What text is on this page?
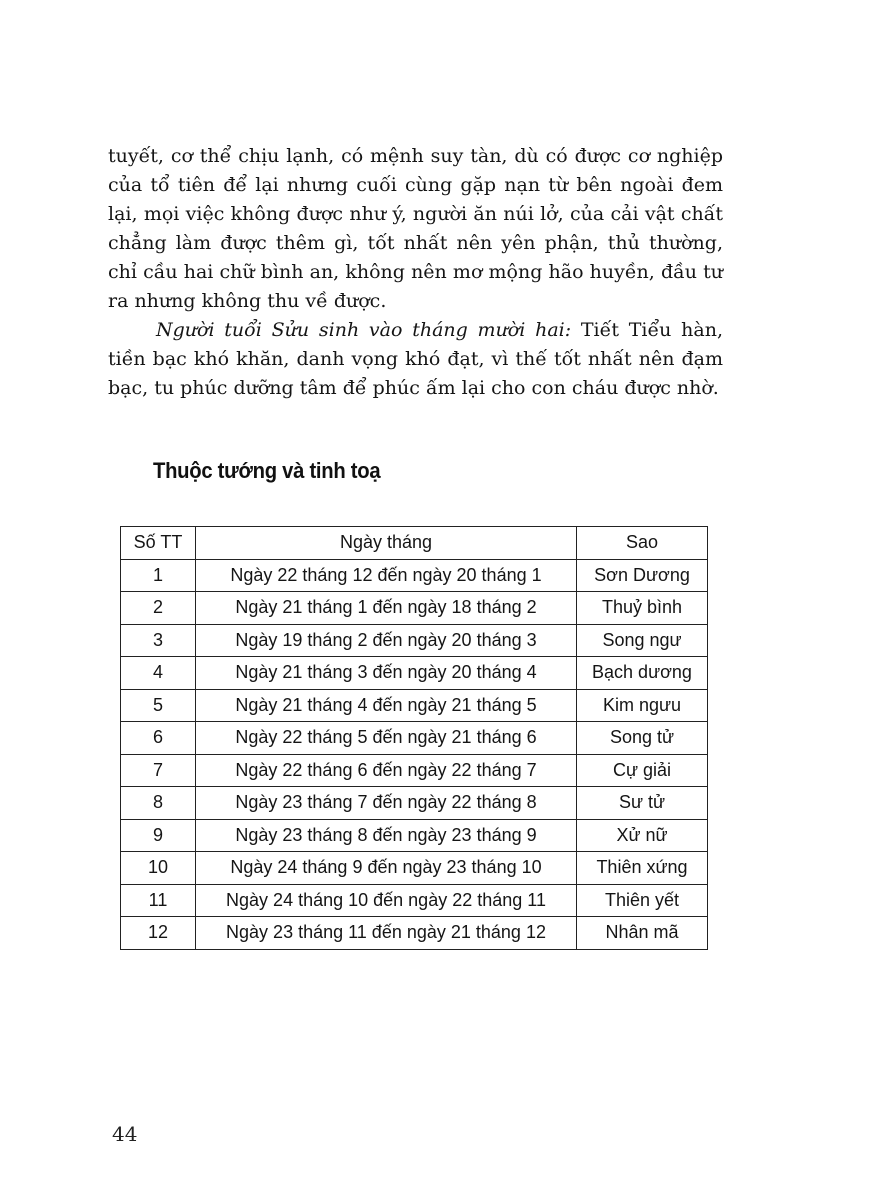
tuyết, cơ thể chịu lạnh, có mệnh suy tàn, dù có được cơ nghiệp của tổ tiên để lại nhưng cuối cùng gặp nạn từ bên ngoài đem lại, mọi việc không được như ý, người ăn núi lở, của cải vật chất chẳng làm được thêm gì, tốt nhất nên yên phận, thủ thường, chỉ cầu hai chữ bình an, không nên mơ mộng hão huyền, đầu tư ra nhưng không thu về được.

Người tuổi Sửu sinh vào tháng mười hai: Tiết Tiểu hàn, tiền bạc khó khăn, danh vọng khó đạt, vì thế tốt nhất nên đạm bạc, tu phúc dưỡng tâm để phúc ấm lại cho con cháu được nhờ.

Thuộc tướng và tinh toạ
Số TT	Ngày tháng	Sao
1	Ngày 22 tháng 12 đến ngày 20 tháng 1	Sơn Dương
2	Ngày 21 tháng 1 đến ngày 18 tháng 2	Thuỷ bình
3	Ngày 19 tháng 2 đến ngày 20 tháng 3	Song ngư
4	Ngày 21 tháng 3 đến ngày 20 tháng 4	Bạch dương
5	Ngày 21 tháng 4 đến ngày 21 tháng 5	Kim ngưu
6	Ngày 22 tháng 5 đến ngày 21 tháng 6	Song tử
7	Ngày 22 tháng 6 đến ngày 22 tháng 7	Cự giải
8	Ngày 23 tháng 7 đến ngày 22 tháng 8	Sư tử
9	Ngày 23 tháng 8 đến ngày 23 tháng 9	Xử nữ
10	Ngày 24 tháng 9 đến ngày 23 tháng 10	Thiên xứng
11	Ngày 24 tháng 10 đến ngày 22 tháng 11	Thiên yết
12	Ngày 23 tháng 11 đến ngày 21 tháng 12	Nhân mã
44
